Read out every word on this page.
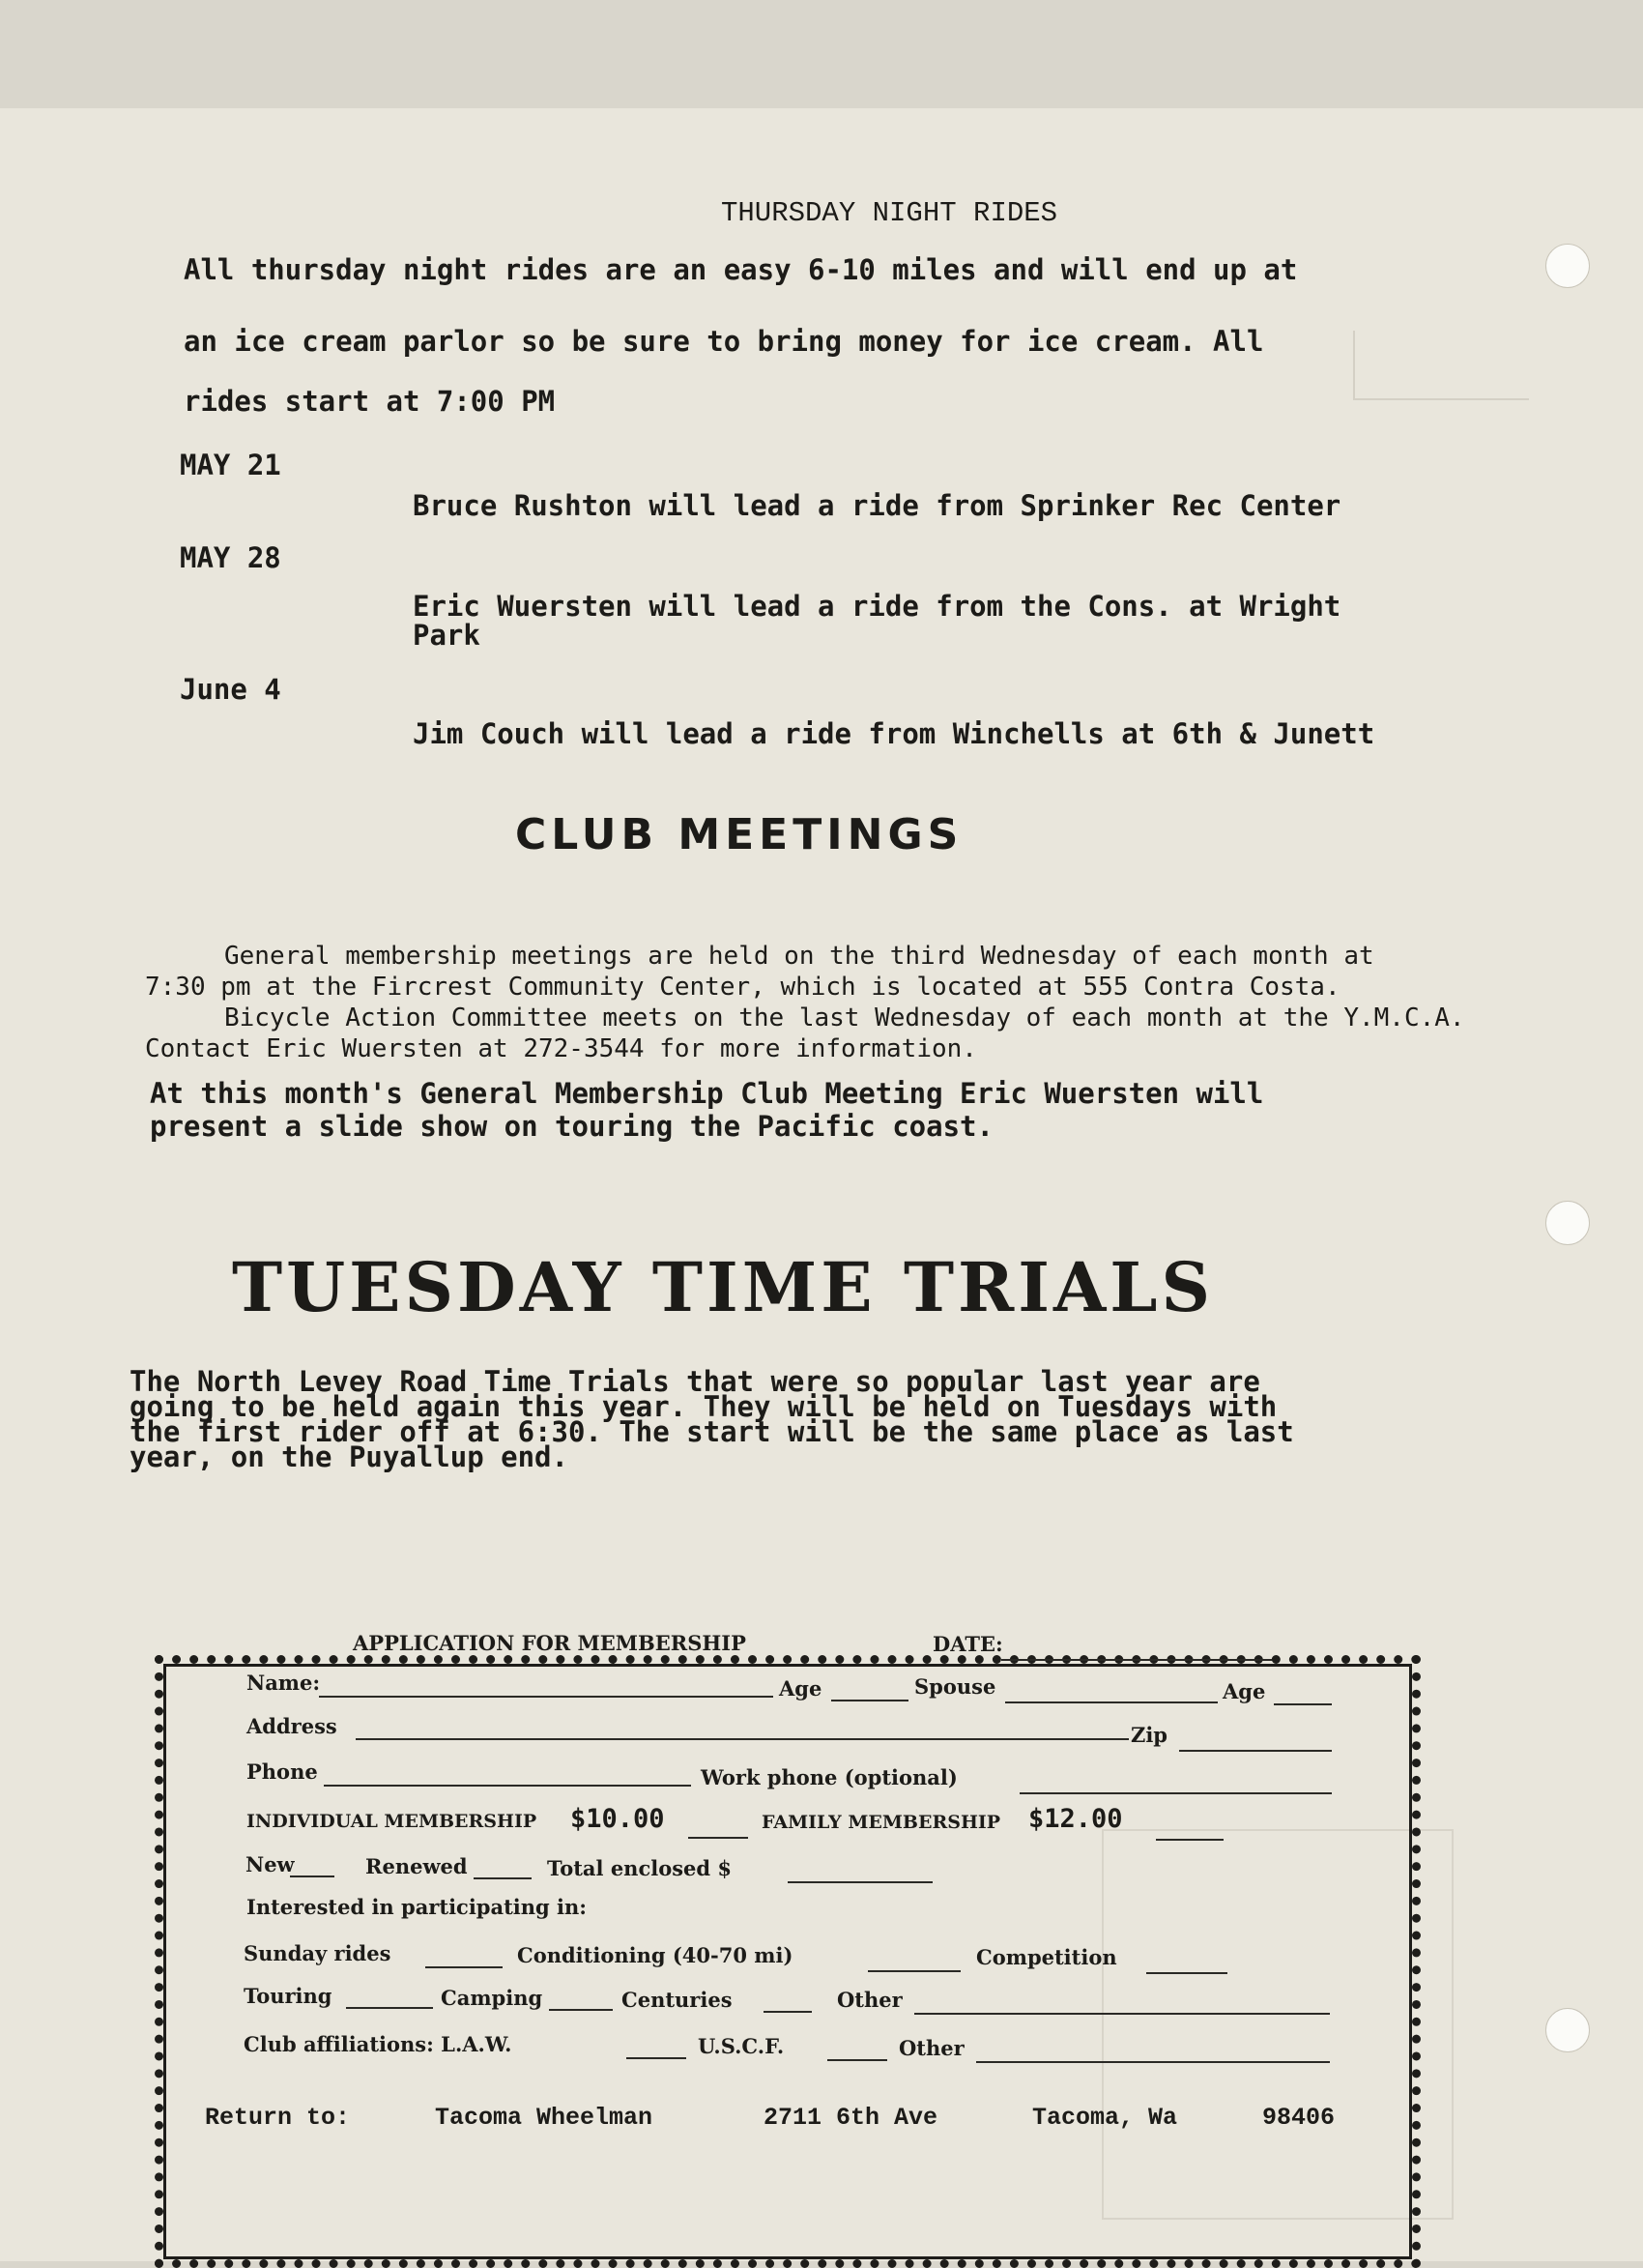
THURSDAY NIGHT RIDES
All thursday night rides are an easy 6-10 miles and will end up at
an ice cream parlor so be sure to bring money for ice cream. All
rides start at 7:00 PM
MAY 21
Bruce Rushton will lead a ride from Sprinker Rec Center
MAY 28
Eric Wuersten will lead a ride from the Cons. at Wright
Park
June 4
Jim Couch will lead a ride from Winchells at 6th & Junett
CLUB MEETINGS
General membership meetings are held on the third Wednesday of each month at
7:30 pm at the Fircrest Community Center, which is located at 555 Contra Costa.
Bicycle Action Committee meets on the last Wednesday of each month at the Y.M.C.A.
Contact Eric Wuersten at 272-3544 for more information.
At this month's General Membership Club Meeting Eric Wuersten will
present a slide show on touring the Pacific coast.
TUESDAY TIME TRIALS
The North Levey Road Time Trials that were so popular last year are
going to be held again this year. They will be held on Tuesdays with
the first rider off at 6:30. The start will be the same place as last
year, on the Puyallup end.
APPLICATION FOR MEMBERSHIP	DATE:
Name:	Age	Spouse	Age
Address	Zip
Phone	Work phone (optional)
INDIVIDUAL MEMBERSHIP $10.00	FAMILY MEMBERSHIP $12.00
New	Renewed	Total enclosed $
Interested in participating in:
Sunday rides	Conditioning (40-70 mi)	Competition
Touring	Camping	Centuries	Other
Club affiliations: L.A.W.	U.S.C.F.	Other
Return to:	Tacoma Wheelman	2711 6th Ave	Tacoma, Wa	98406
